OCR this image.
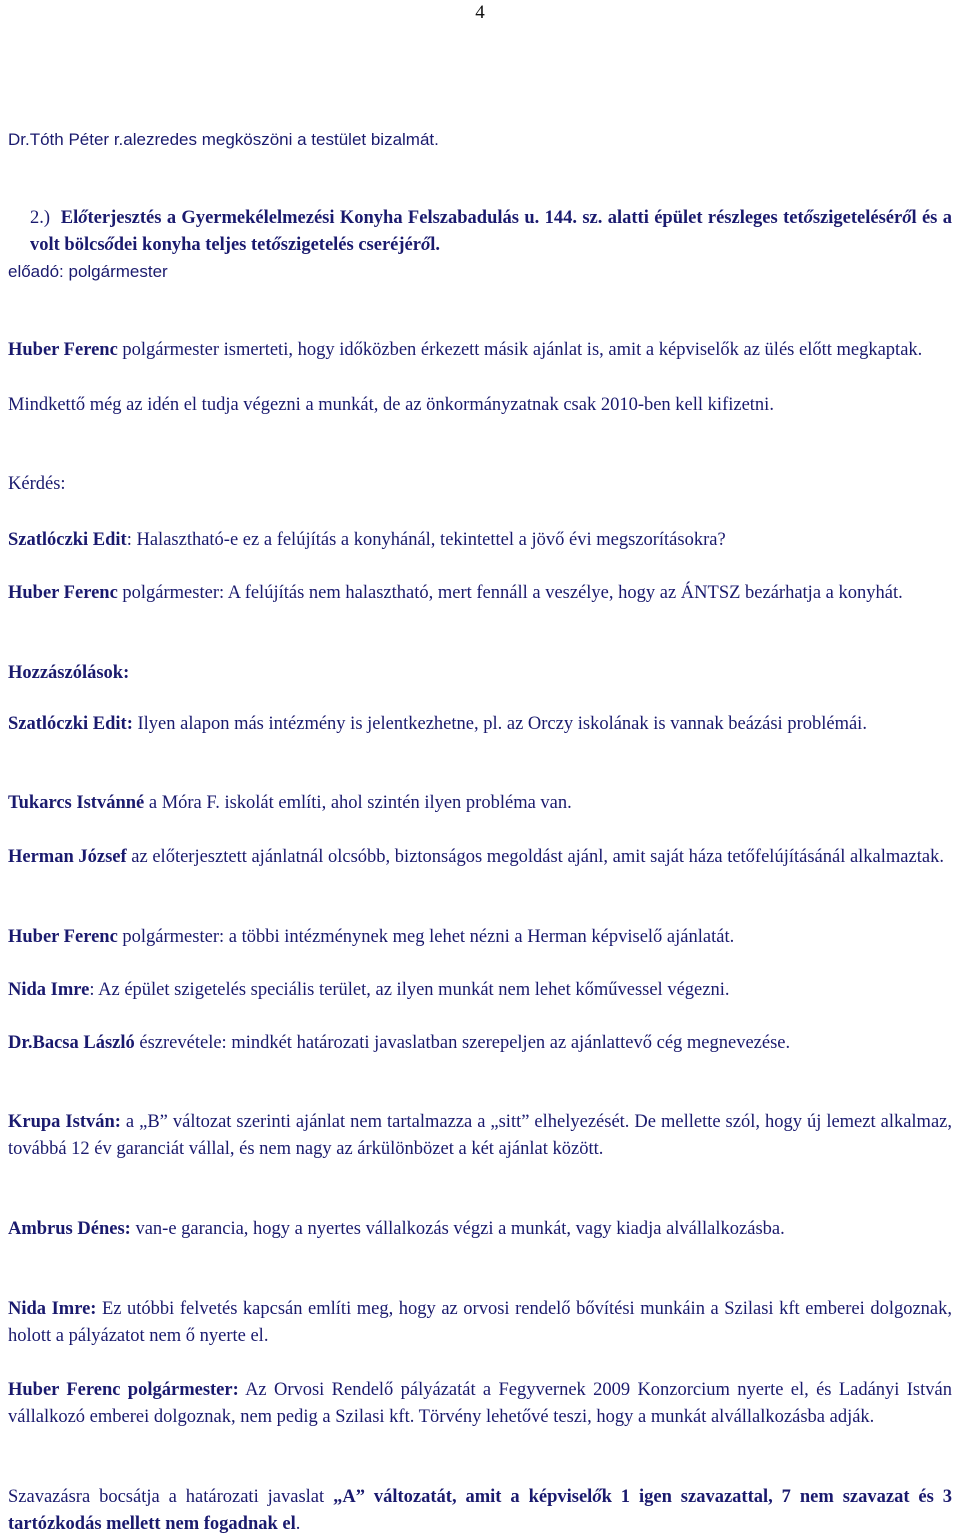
4

Dr.Tóth Péter r.alezredes megköszöni a testület bizalmát.

2.) Előterjesztés a Gyermekélelmezési Konyha Felszabadulás u. 144. sz. alatti épület részleges tetőszigeteléséről és a volt bölcsődei konyha teljes tetőszigetelés cseréjéről.

előadó: polgármester

Huber Ferenc polgármester ismerteti, hogy időközben érkezett másik ajánlat is, amit a képviselők az ülés előtt megkaptak.

Mindkettő még az idén el tudja végezni a munkát, de az önkormányzatnak csak 2010-ben kell kifizetni.

Kérdés:

Szatlóczki Edit: Halasztható-e ez a felújítás a konyhánál, tekintettel a jövő évi megszorításokra?

Huber Ferenc polgármester: A felújítás nem halasztható, mert fennáll a veszélye, hogy az ÁNTSZ bezárhatja a konyhát.

Hozzászólások:

Szatlóczki Edit: Ilyen alapon más intézmény is jelentkezhetne, pl. az Orczy iskolának is vannak beázási problémái.

Tukarcs Istvánné a Móra F. iskolát említi, ahol szintén ilyen probléma van.

Herman József az előterjesztett ajánlatnál olcsóbb, biztonságos megoldást ajánl, amit saját háza tetőfelújításánál alkalmaztak.

Huber Ferenc polgármester: a többi intézménynek meg lehet nézni a Herman képviselő ajánlatát.

Nida Imre: Az épület szigetelés speciális terület, az ilyen munkát nem lehet kőművessel végezni.

Dr.Bacsa László észrevétele: mindkét határozati javaslatban szerepeljen az ajánlattevő cég megnevezése.

Krupa István: a „B” változat szerinti ajánlat nem tartalmazza a „sitt” elhelyezését. De mellette szól, hogy új lemezt alkalmaz, továbbá 12 év garanciát vállal, és nem nagy az árkülönbözet a két ajánlat között.

Ambrus Dénes: van-e garancia, hogy a nyertes vállalkozás végzi a munkát, vagy kiadja alvállalkozásba.

Nida Imre: Ez utóbbi felvetés kapcsán említi meg, hogy az orvosi rendelő bővítési munkáin a Szilasi kft emberei dolgoznak, holott a pályázatot nem ő nyerte el.

Huber Ferenc polgármester: Az Orvosi Rendelő pályázatát a Fegyvernek 2009 Konzorcium nyerte el, és Ladányi István vállalkozó emberei dolgoznak, nem pedig a Szilasi kft. Törvény lehetővé teszi, hogy a munkát alvállalkozásba adják.

Szavazásra bocsátja a határozati javaslat „A” változatát, amit a képviselők 1 igen szavazattal, 7 nem szavazat és 3 tartózkodás mellett nem fogadnak el.
